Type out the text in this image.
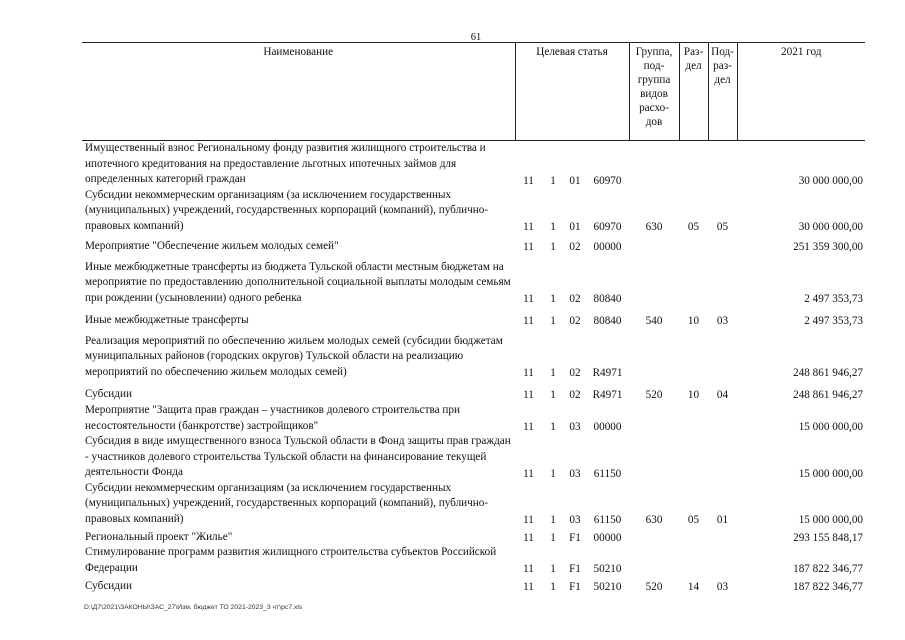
61
Наименование	Целевая статья				Группа, под-группа видов расхо-дов	Раз-дел	Под-раз-дел	2021 год
Имущественный взнос Региональному фонду развития жилищного строительства и ипотечного кредитования на предоставление льготных ипотечных займов для определенных категорий граждан	11	1	01	60970				30 000 000,00
Субсидии некоммерческим организациям (за исключением государственных (муниципальных) учреждений, государственных корпораций (компаний), публично-правовых компаний)	11	1	01	60970	630	05	05	30 000 000,00
Мероприятие "Обеспечение жильем молодых семей"	11	1	02	00000				251 359 300,00
Иные межбюджетные трансферты из бюджета Тульской области местным бюджетам на мероприятие по предоставлению дополнительной социальной выплаты молодым семьям при рождении (усыновлении) одного ребенка	11	1	02	80840				2 497 353,73
Иные межбюджетные трансферты	11	1	02	80840	540	10	03	2 497 353,73
Реализация мероприятий по обеспечению жильем молодых семей (субсидии бюджетам муниципальных районов (городских округов) Тульской области на реализацию мероприятий по обеспечению жильем молодых семей)	11	1	02	R4971				248 861 946,27
Субсидии	11	1	02	R4971	520	10	04	248 861 946,27
Мероприятие "Защита прав граждан – участников долевого строительства при несостоятельности (банкротстве) застройщиков"	11	1	03	00000				15 000 000,00
Субсидия в виде имущественного взноса Тульской области в Фонд защиты прав граждан - участников долевого строительства Тульской области на финансирование текущей деятельности Фонда	11	1	03	61150				15 000 000,00
Субсидии некоммерческим организациям (за исключением государственных (муниципальных) учреждений, государственных корпораций (компаний), публично-правовых компаний)	11	1	03	61150	630	05	01	15 000 000,00
Региональный проект "Жилье"	11	1	F1	00000				293 155 848,17
Стимулирование программ развития жилищного строительства субъектов Российской Федерации	11	1	F1	50210				187 822 346,77
Субсидии	11	1	F1	50210	520	14	03	187 822 346,77
D:\Д7\2021\ЗАКОНЫ\ЗАС_27\Изм. бюджет ТО 2021-2023_3 чт\рс7.xls
